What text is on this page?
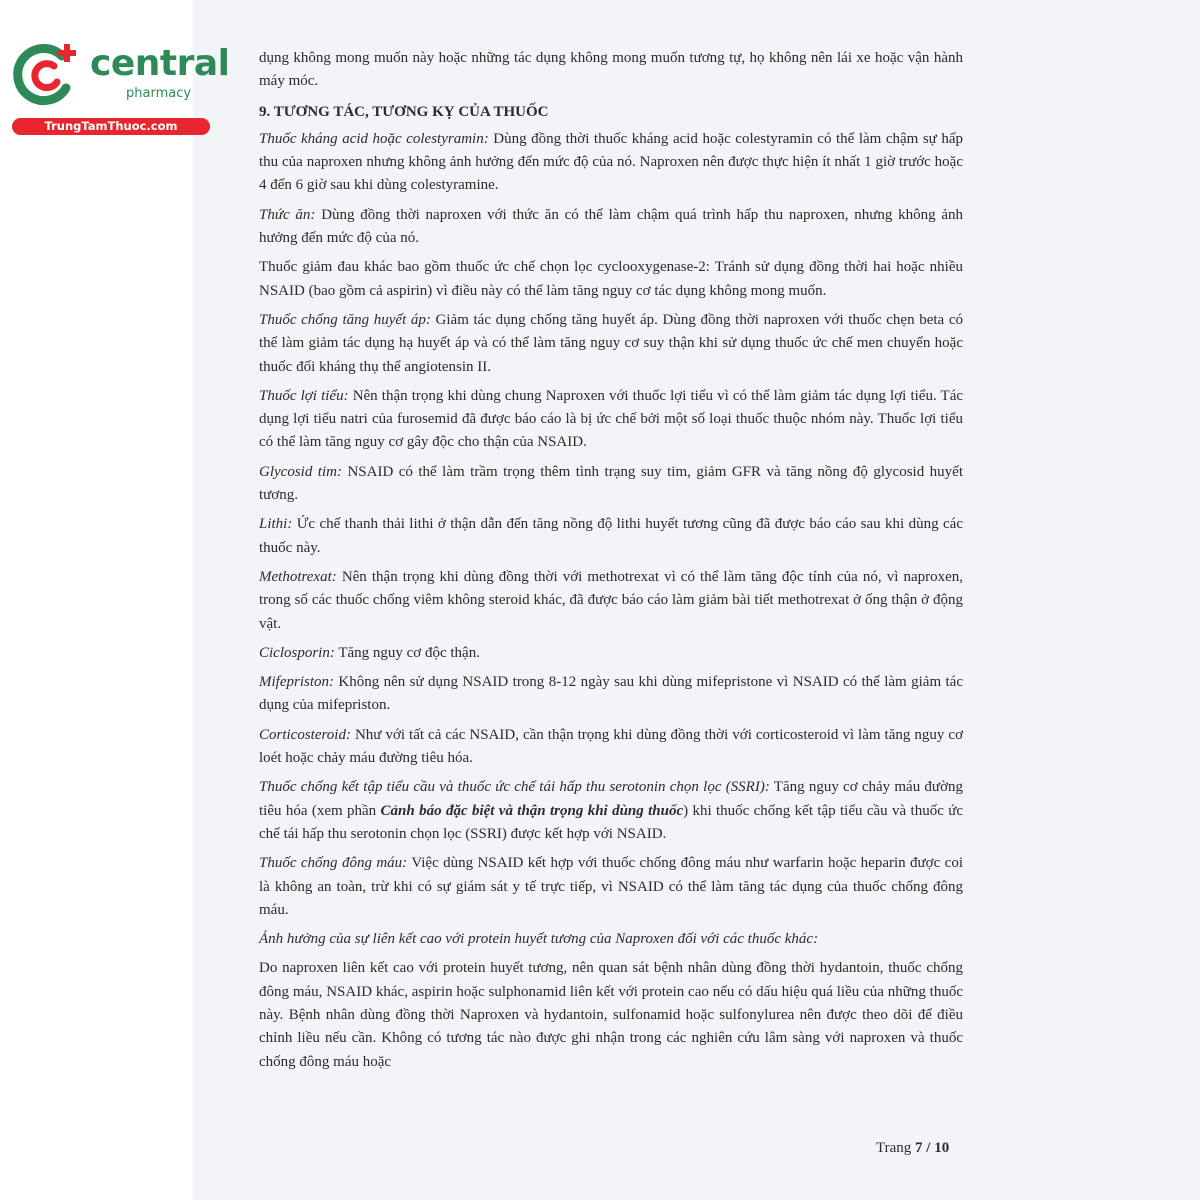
central
pharmacy
TrungTamThuoc.com

dụng không mong muốn này hoặc những tác dụng không mong muốn tương tự, họ không nên lái xe hoặc vận hành máy móc.

9. TƯƠNG TÁC, TƯƠNG KỴ CỦA THUỐC

Thuốc kháng acid hoặc colestyramin: Dùng đồng thời thuốc kháng acid hoặc colestyramin có thể làm chậm sự hấp thu của naproxen nhưng không ảnh hưởng đến mức độ của nó. Naproxen nên được thực hiện ít nhất 1 giờ trước hoặc 4 đến 6 giờ sau khi dùng colestyramine.

Thức ăn: Dùng đồng thời naproxen với thức ăn có thể làm chậm quá trình hấp thu naproxen, nhưng không ảnh hưởng đến mức độ của nó.

Thuốc giảm đau khác bao gồm thuốc ức chế chọn lọc cyclooxygenase-2: Tránh sử dụng đồng thời hai hoặc nhiều NSAID (bao gồm cả aspirin) vì điều này có thể làm tăng nguy cơ tác dụng không mong muốn.

Thuốc chống tăng huyết áp: Giảm tác dụng chống tăng huyết áp. Dùng đồng thời naproxen với thuốc chẹn beta có thể làm giảm tác dụng hạ huyết áp và có thể làm tăng nguy cơ suy thận khi sử dụng thuốc ức chế men chuyển hoặc thuốc đối kháng thụ thể angiotensin II.

Thuốc lợi tiểu: Nên thận trọng khi dùng chung Naproxen với thuốc lợi tiểu vì có thể làm giảm tác dụng lợi tiểu. Tác dụng lợi tiểu natri của furosemid đã được báo cáo là bị ức chế bởi một số loại thuốc thuộc nhóm này. Thuốc lợi tiểu có thể làm tăng nguy cơ gây độc cho thận của NSAID.

Glycosid tim: NSAID có thể làm trầm trọng thêm tình trạng suy tim, giảm GFR và tăng nồng độ glycosid huyết tương.

Lithi: Ức chế thanh thải lithi ở thận dẫn đến tăng nồng độ lithi huyết tương cũng đã được báo cáo sau khi dùng các thuốc này.

Methotrexat: Nên thận trọng khi dùng đồng thời với methotrexat vì có thể làm tăng độc tính của nó, vì naproxen, trong số các thuốc chống viêm không steroid khác, đã được báo cáo làm giảm bài tiết methotrexat ở ống thận ở động vật.

Ciclosporin: Tăng nguy cơ độc thận.

Mifepriston: Không nên sử dụng NSAID trong 8-12 ngày sau khi dùng mifepristone vì NSAID có thể làm giảm tác dụng của mifepriston.

Corticosteroid: Như với tất cả các NSAID, cần thận trọng khi dùng đồng thời với corticosteroid vì làm tăng nguy cơ loét hoặc chảy máu đường tiêu hóa.

Thuốc chống kết tập tiểu cầu và thuốc ức chế tái hấp thu serotonin chọn lọc (SSRI): Tăng nguy cơ chảy máu đường tiêu hóa (xem phần Cảnh báo đặc biệt và thận trọng khi dùng thuốc) khi thuốc chống kết tập tiểu cầu và thuốc ức chế tái hấp thu serotonin chọn lọc (SSRI) được kết hợp với NSAID.

Thuốc chống đông máu: Việc dùng NSAID kết hợp với thuốc chống đông máu như warfarin hoặc heparin được coi là không an toàn, trừ khi có sự giám sát y tế trực tiếp, vì NSAID có thể làm tăng tác dụng của thuốc chống đông máu.

Ảnh hưởng của sự liên kết cao với protein huyết tương của Naproxen đối với các thuốc khác:

Do naproxen liên kết cao với protein huyết tương, nên quan sát bệnh nhân dùng đồng thời hydantoin, thuốc chống đông máu, NSAID khác, aspirin hoặc sulphonamid liên kết với protein cao nếu có dấu hiệu quá liều của những thuốc này. Bệnh nhân dùng đồng thời Naproxen và hydantoin, sulfonamid hoặc sulfonylurea nên được theo dõi để điều chỉnh liều nếu cần. Không có tương tác nào được ghi nhận trong các nghiên cứu lâm sàng với naproxen và thuốc chống đông máu hoặc

Trang 7 / 10
